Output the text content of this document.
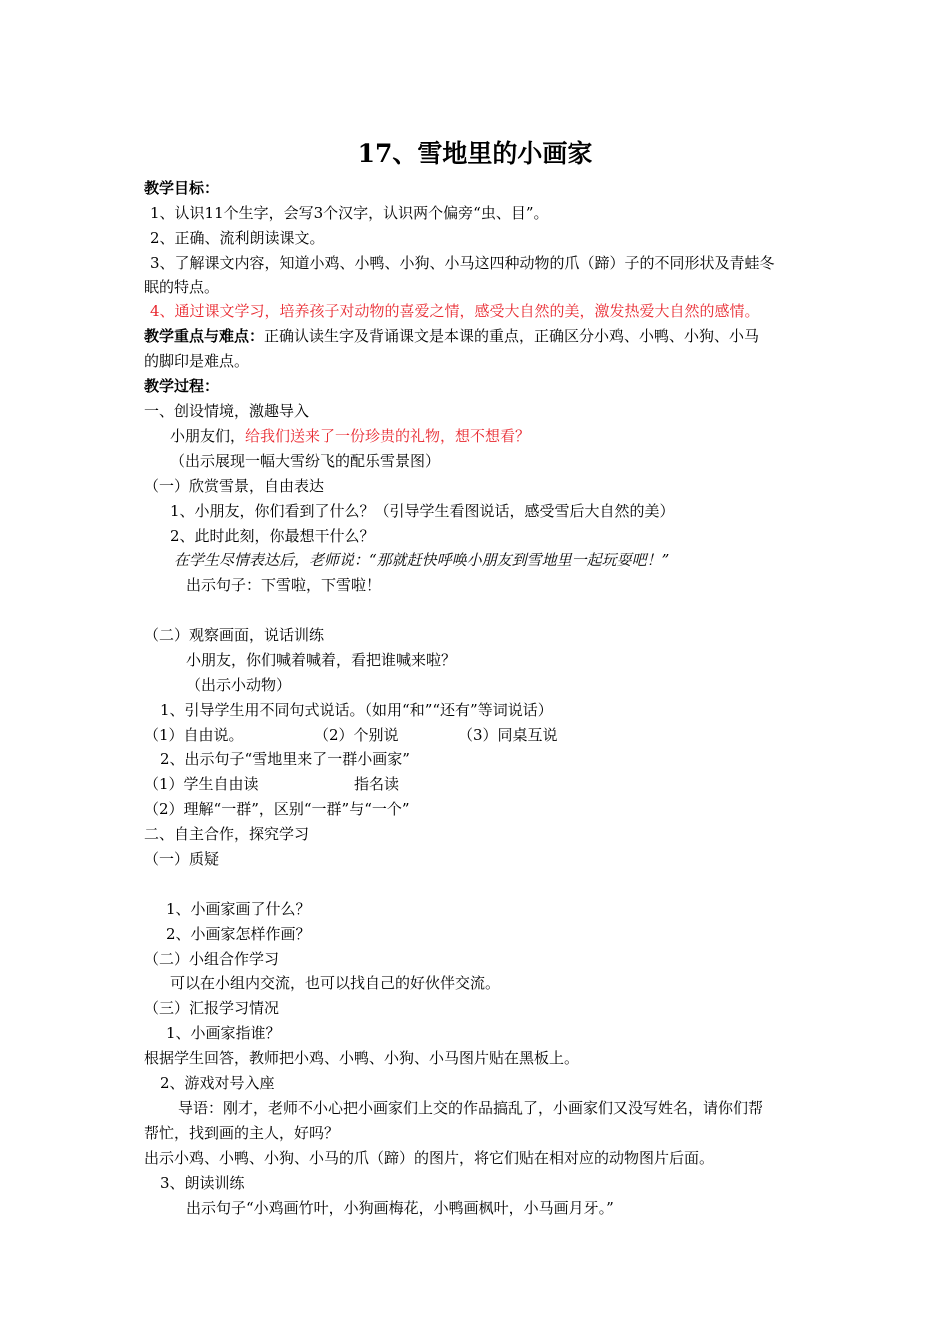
17、雪地里的小画家
教学目标：
1、认识11个生字，会写3个汉字，认识两个偏旁“虫、目”。
2、正确、流利朗读课文。
3、了解课文内容，知道小鸡、小鸭、小狗、小马这四种动物的爪（蹄）子的不同形状及青蛙冬
眠的特点。
4、通过课文学习，培养孩子对动物的喜爱之情，感受大自然的美，激发热爱大自然的感情。
教学重点与难点：正确认读生字及背诵课文是本课的重点，正确区分小鸡、小鸭、小狗、小马
的脚印是难点。
教学过程：
一、创设情境，激趣导入
小朋友们，给我们送来了一份珍贵的礼物，想不想看？
（出示展现一幅大雪纷飞的配乐雪景图）
（一）欣赏雪景，自由表达
1、小朋友，你们看到了什么？（引导学生看图说话，感受雪后大自然的美）
2、此时此刻，你最想干什么？
在学生尽情表达后，老师说：“那就赶快呼唤小朋友到雪地里一起玩耍吧！”
出示句子：下雪啦，下雪啦！
（二）观察画面，说话训练
小朋友，你们喊着喊着，看把谁喊来啦？
（出示小动物）
1、引导学生用不同句式说话。（如用“和”“还有”等词说话）
（1）自由说。	（2）个别说	（3）同桌互说
2、出示句子“雪地里来了一群小画家”
（1）学生自由读	指名读
（2）理解“一群”，区别“一群”与“一个”
二、自主合作，探究学习
（一）质疑
1、小画家画了什么？
2、小画家怎样作画？
（二）小组合作学习
可以在小组内交流，也可以找自己的好伙伴交流。
（三）汇报学习情况
1、小画家指谁？
根据学生回答，教师把小鸡、小鸭、小狗、小马图片贴在黑板上。
2、游戏对号入座
导语：刚才，老师不小心把小画家们上交的作品搞乱了，小画家们又没写姓名，请你们帮
帮忙，找到画的主人，好吗？
出示小鸡、小鸭、小狗、小马的爪（蹄）的图片，将它们贴在相对应的动物图片后面。
3、朗读训练
出示句子“小鸡画竹叶，小狗画梅花，小鸭画枫叶，小马画月牙。”
